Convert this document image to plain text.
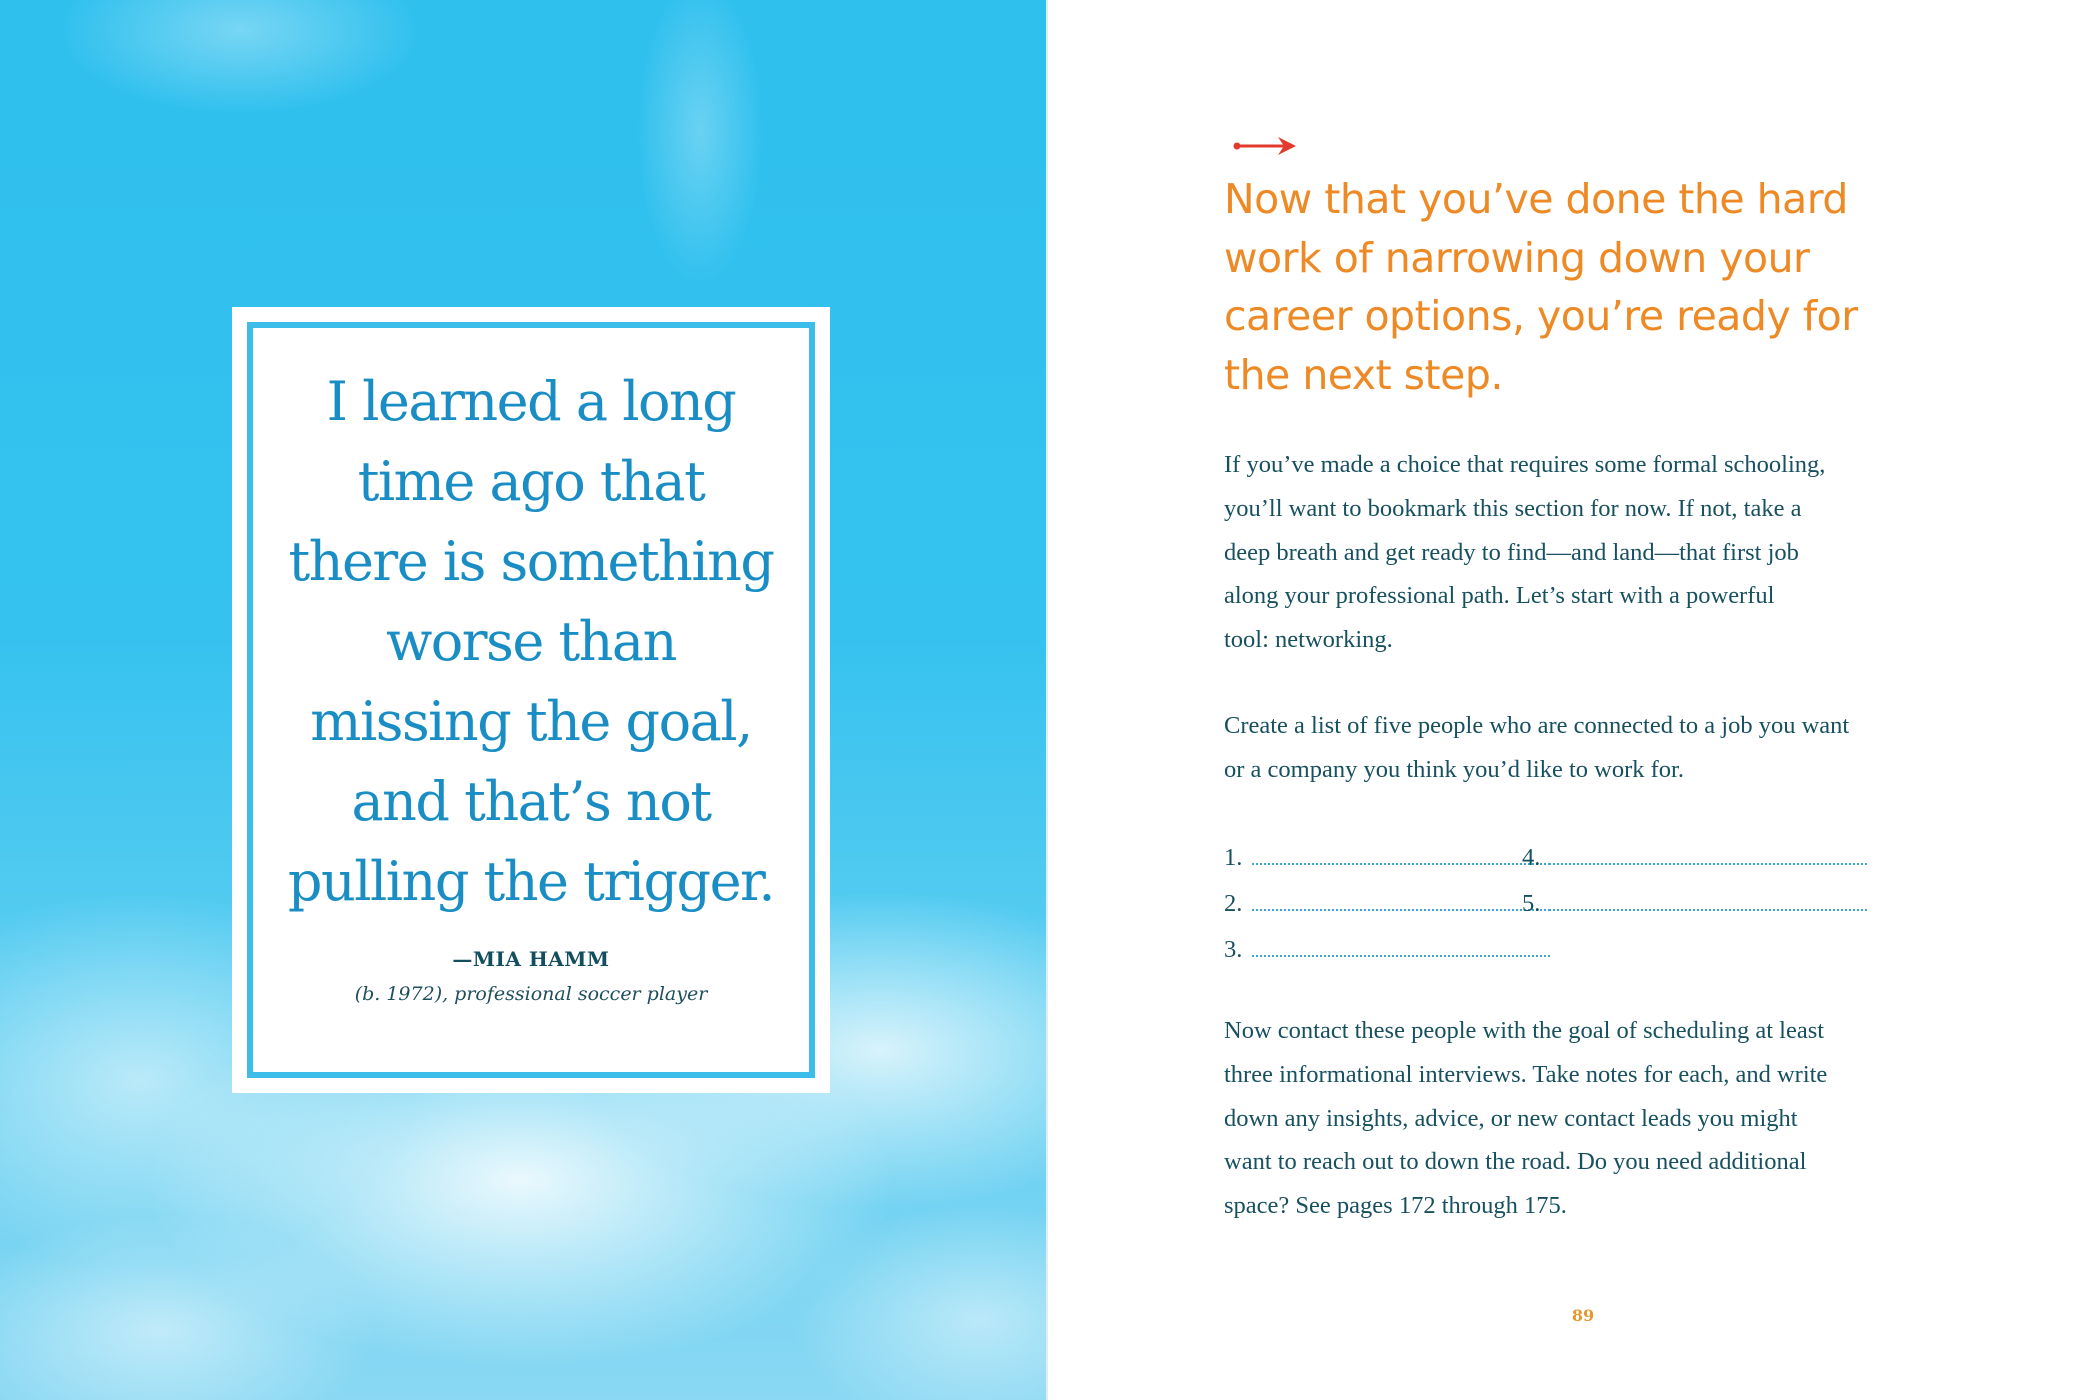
I learned a long
time ago that
there is something
worse than
missing the goal,
and that’s not
pulling the trigger.
—MIA HAMM
(b. 1972), professional soccer player
Now that you’ve done the hard
work of narrowing down your
career options, you’re ready for
the next step.

If you’ve made a choice that requires some formal schooling,
you’ll want to bookmark this section for now. If not, take a
deep breath and get ready to find—and land—that first job
along your professional path. Let’s start with a powerful
tool: networking.

Create a list of five people who are connected to a job you want
or a company you think you’d like to work for.

1.
2.
3.
4.
5.

Now contact these people with the goal of scheduling at least
three informational interviews. Take notes for each, and write
down any insights, advice, or new contact leads you might
want to reach out to down the road. Do you need additional
space? See pages 172 through 175.

89
